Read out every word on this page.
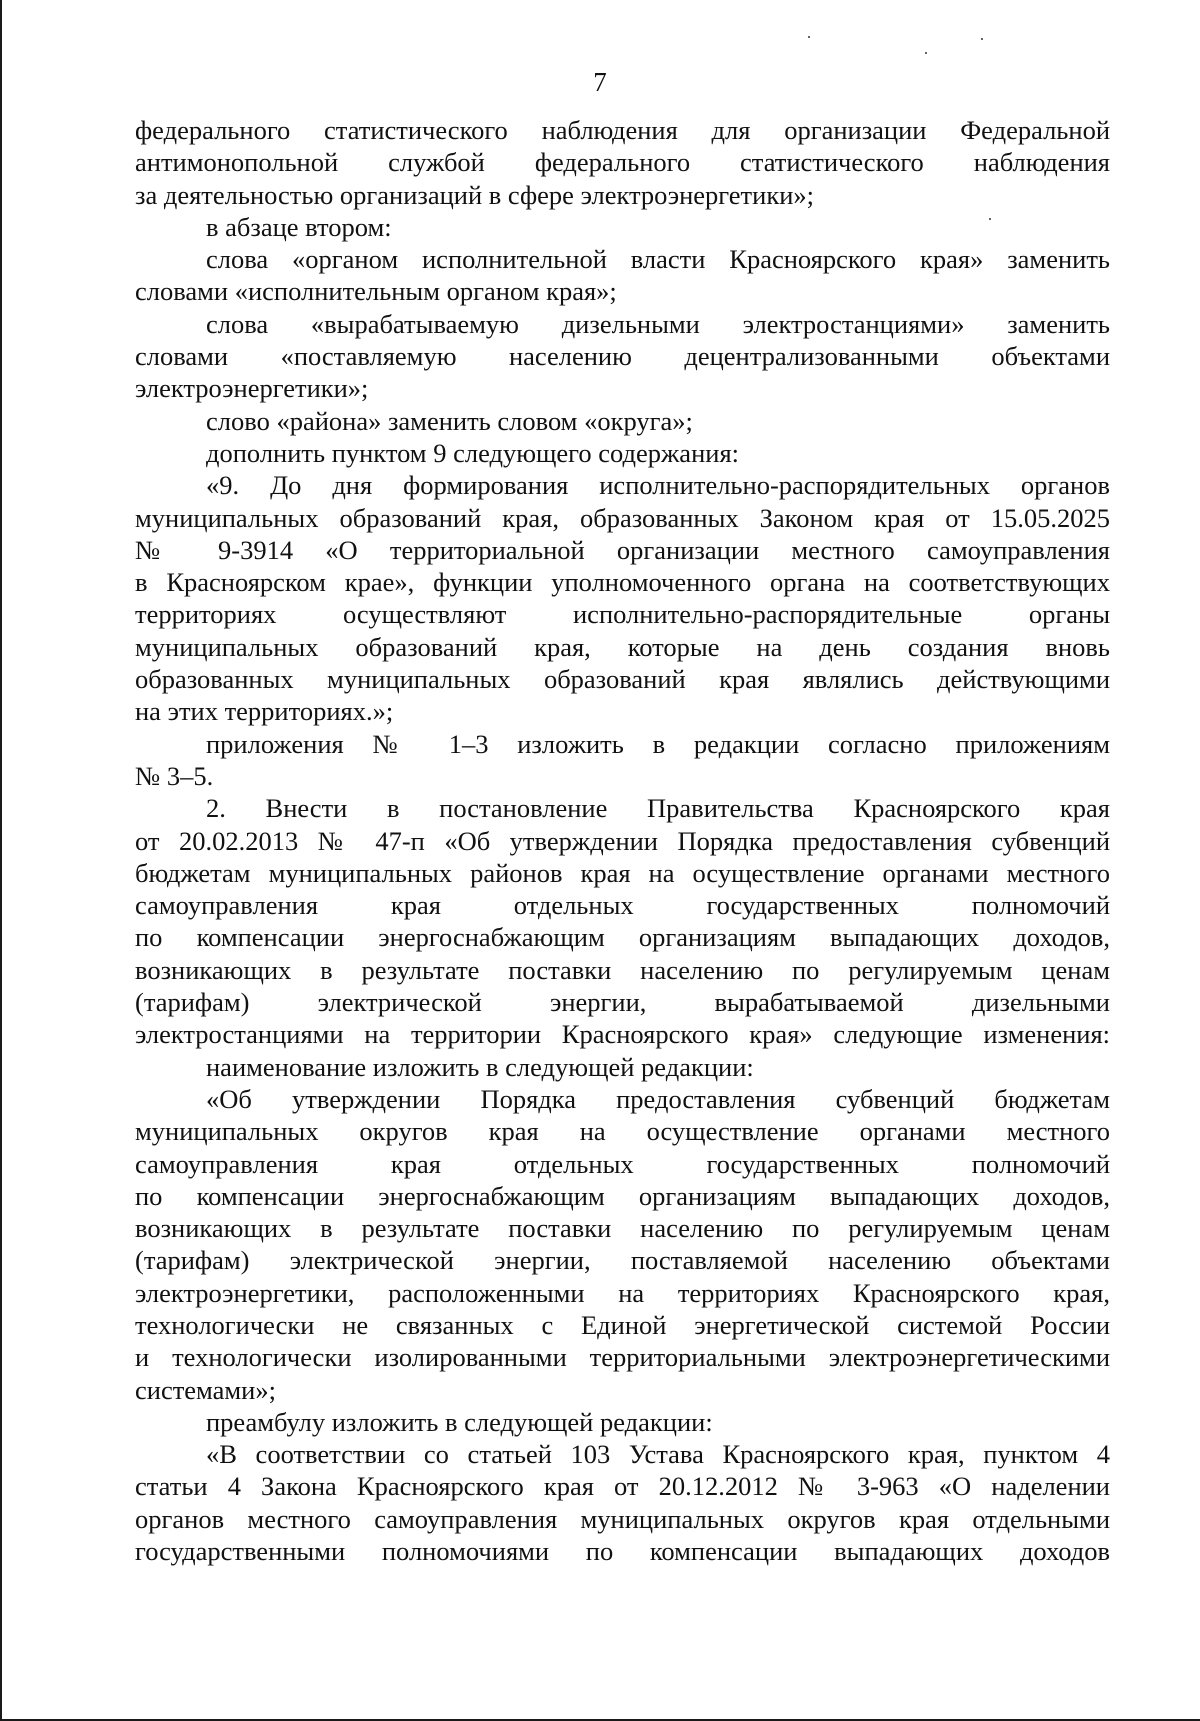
7
федерального статистического наблюдения для организации Федеральной
антимонопольной службой федерального статистического наблюдения
за деятельностью организаций в сфере электроэнергетики»;
в абзаце втором:
слова «органом исполнительной власти Красноярского края» заменить
словами «исполнительным органом края»;
слова «вырабатываемую дизельными электростанциями» заменить
словами «поставляемую населению децентрализованными объектами
электроэнергетики»;
слово «района» заменить словом «округа»;
дополнить пунктом 9 следующего содержания:
«9. До дня формирования исполнительно-распорядительных органов
муниципальных образований края, образованных Законом края от 15.05.2025
№ 9-3914 «О территориальной организации местного самоуправления
в Красноярском крае», функции уполномоченного органа на соответствующих
территориях осуществляют исполнительно-распорядительные органы
муниципальных образований края, которые на день создания вновь
образованных муниципальных образований края являлись действующими
на этих территориях.»;
приложения № 1–3 изложить в редакции согласно приложениям
№ 3–5.
2. Внести в постановление Правительства Красноярского края
от 20.02.2013 № 47-п «Об утверждении Порядка предоставления субвенций
бюджетам муниципальных районов края на осуществление органами местного
самоуправления края отдельных государственных полномочий
по компенсации энергоснабжающим организациям выпадающих доходов,
возникающих в результате поставки населению по регулируемым ценам
(тарифам) электрической энергии, вырабатываемой дизельными
электростанциями на территории Красноярского края» следующие изменения:
наименование изложить в следующей редакции:
«Об утверждении Порядка предоставления субвенций бюджетам
муниципальных округов края на осуществление органами местного
самоуправления края отдельных государственных полномочий
по компенсации энергоснабжающим организациям выпадающих доходов,
возникающих в результате поставки населению по регулируемым ценам
(тарифам) электрической энергии, поставляемой населению объектами
электроэнергетики, расположенными на территориях Красноярского края,
технологически не связанных с Единой энергетической системой России
и технологически изолированными территориальными электроэнергетическими
системами»;
преамбулу изложить в следующей редакции:
«В соответствии со статьей 103 Устава Красноярского края, пунктом 4
статьи 4 Закона Красноярского края от 20.12.2012 № 3-963 «О наделении
органов местного самоуправления муниципальных округов края отдельными
государственными полномочиями по компенсации выпадающих доходов
